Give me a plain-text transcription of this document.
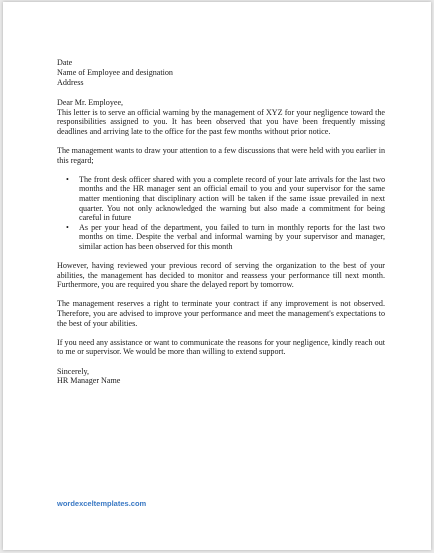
Date
Name of Employee and designation
Address

Dear Mr. Employee,

This letter is to serve an official warning by the management of XYZ for your negligence toward the responsibilities assigned to you. It has been observed that you have been frequently missing deadlines and arriving late to the office for the past few months without prior notice.

The management wants to draw your attention to a few discussions that were held with you earlier in this regard;

• The front desk officer shared with you a complete record of your late arrivals for the last two months and the HR manager sent an official email to you and your supervisor for the same matter mentioning that disciplinary action will be taken if the same issue prevailed in next quarter. You not only acknowledged the warning but also made a commitment for being careful in future
• As per your head of the department, you failed to turn in monthly reports for the last two months on time. Despite the verbal and informal warning by your supervisor and manager, similar action has been observed for this month

However, having reviewed your previous record of serving the organization to the best of your abilities, the management has decided to monitor and reassess your performance till next month. Furthermore, you are required you share the delayed report by tomorrow.

The management reserves a right to terminate your contract if any improvement is not observed. Therefore, you are advised to improve your performance and meet the management's expectations to the best of your abilities.

If you need any assistance or want to communicate the reasons for your negligence, kindly reach out to me or supervisor. We would be more than willing to extend support.

Sincerely,

HR Manager Name

wordexceltemplates.com
